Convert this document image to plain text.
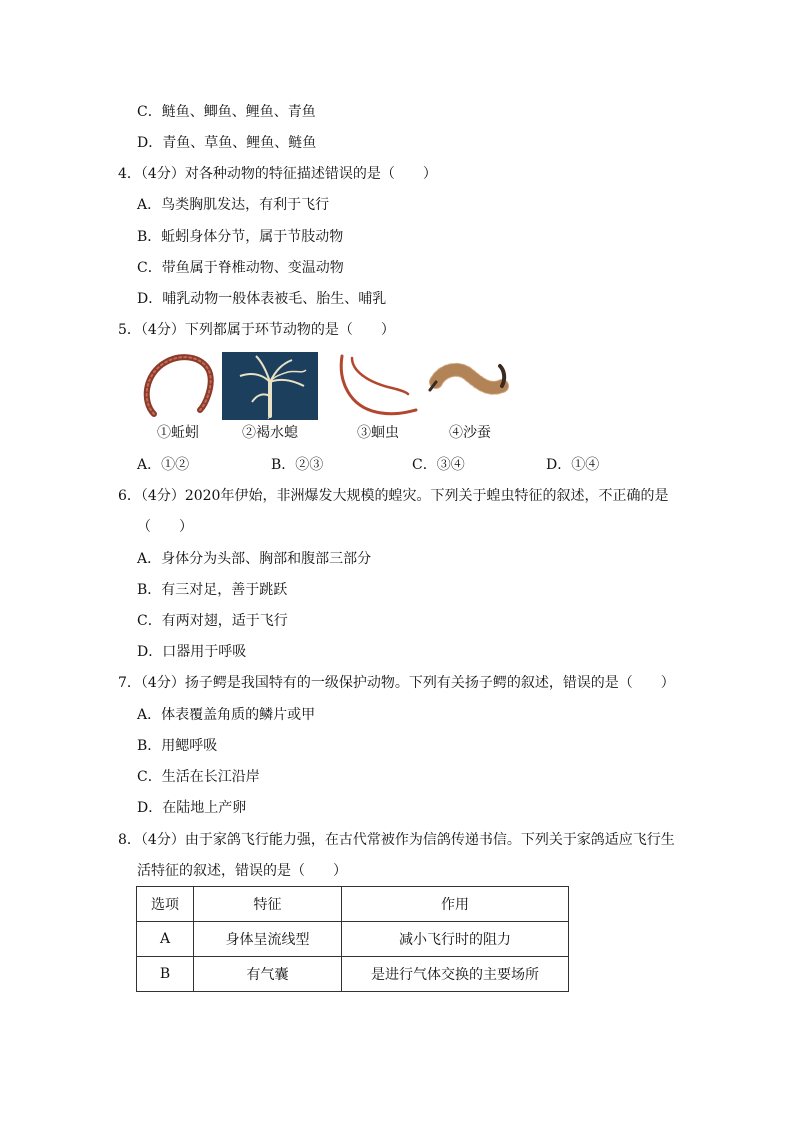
C．鲢鱼、鲫鱼、鲤鱼、青鱼
D．青鱼、草鱼、鲤鱼、鲢鱼
4．（4分）对各种动物的特征描述错误的是（　　）
A．鸟类胸肌发达，有利于飞行
B．蚯蚓身体分节，属于节肢动物
C．带鱼属于脊椎动物、变温动物
D．哺乳动物一般体表被毛、胎生、哺乳
5．（4分）下列都属于环节动物的是（　　）
①蚯蚓	②褐水螅	③蛔虫	④沙蚕
A．①②	B．②③	C．③④	D．①④
6．（4分）2020年伊始，非洲爆发大规模的蝗灾。下列关于蝗虫特征的叙述，不正确的是
（　　）
A．身体分为头部、胸部和腹部三部分
B．有三对足，善于跳跃
C．有两对翅，适于飞行
D．口器用于呼吸
7．（4分）扬子鳄是我国特有的一级保护动物。下列有关扬子鳄的叙述，错误的是（　　）
A．体表覆盖角质的鳞片或甲
B．用鳃呼吸
C．生活在长江沿岸
D．在陆地上产卵
8．（4分）由于家鸽飞行能力强，在古代常被作为信鸽传递书信。下列关于家鸽适应飞行生
活特征的叙述，错误的是（　　）
选项	特征	作用
A	身体呈流线型	减小飞行时的阻力
B	有气囊	是进行气体交换的主要场所
